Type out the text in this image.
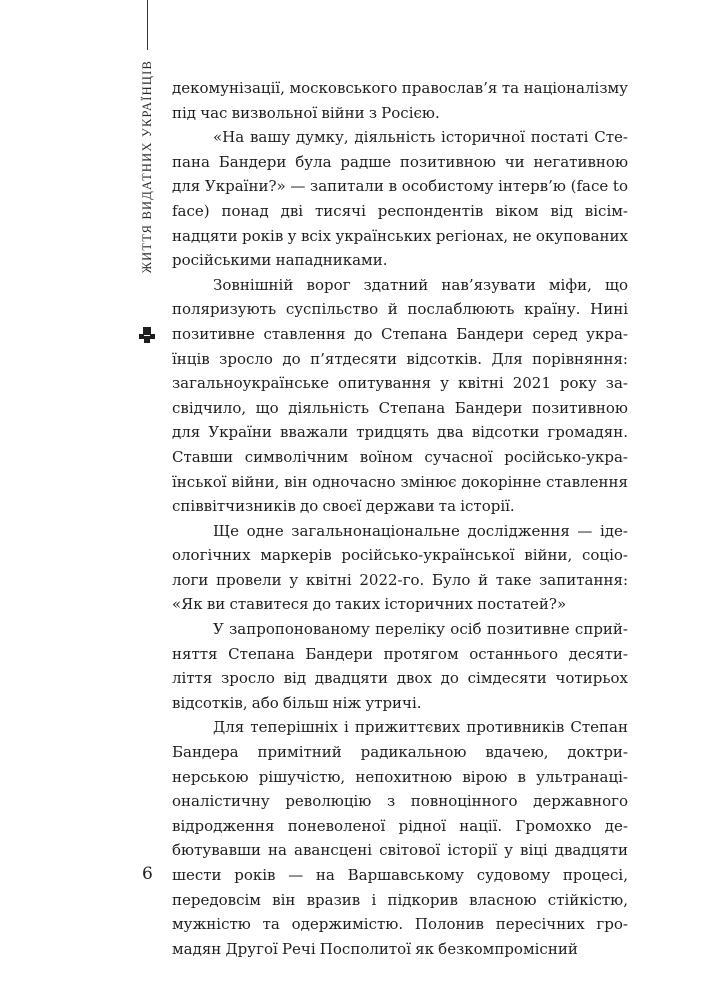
ЖИТТЯ ВИДАТНИХ УКРАЇНЦІВ
6

декомунізації, московського православ’я та націоналізму під час визвольної війни з Росією.

«На вашу думку, діяльність історичної постаті Степана Бандери була радше позитивною чи негативною для України?» — запитали в особистому інтерв’ю (face to face) понад дві тисячі респондентів віком від вісімнадцяти років у всіх українських регіонах, не окупованих російськими нападниками.

Зовнішній ворог здатний нав’язувати міфи, що поляризують суспільство й послаблюють країну. Нині позитивне ставлення до Степана Бандери серед українців зросло до п’ятдесяти відсотків. Для порівняння: загальноукраїнське опитування у квітні 2021 року засвідчило, що діяльність Степана Бандери позитивною для України вважали тридцять два відсотки громадян. Ставши символічним воїном сучасної російсько-української війни, він одночасно змінює докорінне ставлення співвітчизників до своєї держави та історії.

Ще одне загальнонаціональне дослідження — ідеологічних маркерів російсько-української війни, соціологи провели у квітні 2022-го. Було й таке запитання: «Як ви ставитеся до таких історичних постатей?»

У запропонованому переліку осіб позитивне сприйняття Степана Бандери протягом останнього десятиліття зросло від двадцяти двох до сімдесяти чотирьох відсотків, або більш ніж утричі.

Для теперішніх і прижиттєвих противників Степан Бандера примітний радикальною вдачею, доктринерською рішучістю, непохитною вірою в ультранаціоналістичну революцію з повноцінного державного відродження поневоленої рідної нації. Громохко дебютувавши на авансцені світової історії у віці двадцяти шести років — на Варшавському судовому процесі, передовсім він вразив і підкорив власною стійкістю, мужністю та одержимістю. Полонив пересічних громадян Другої Речі Посполитої як безкомпромісний
